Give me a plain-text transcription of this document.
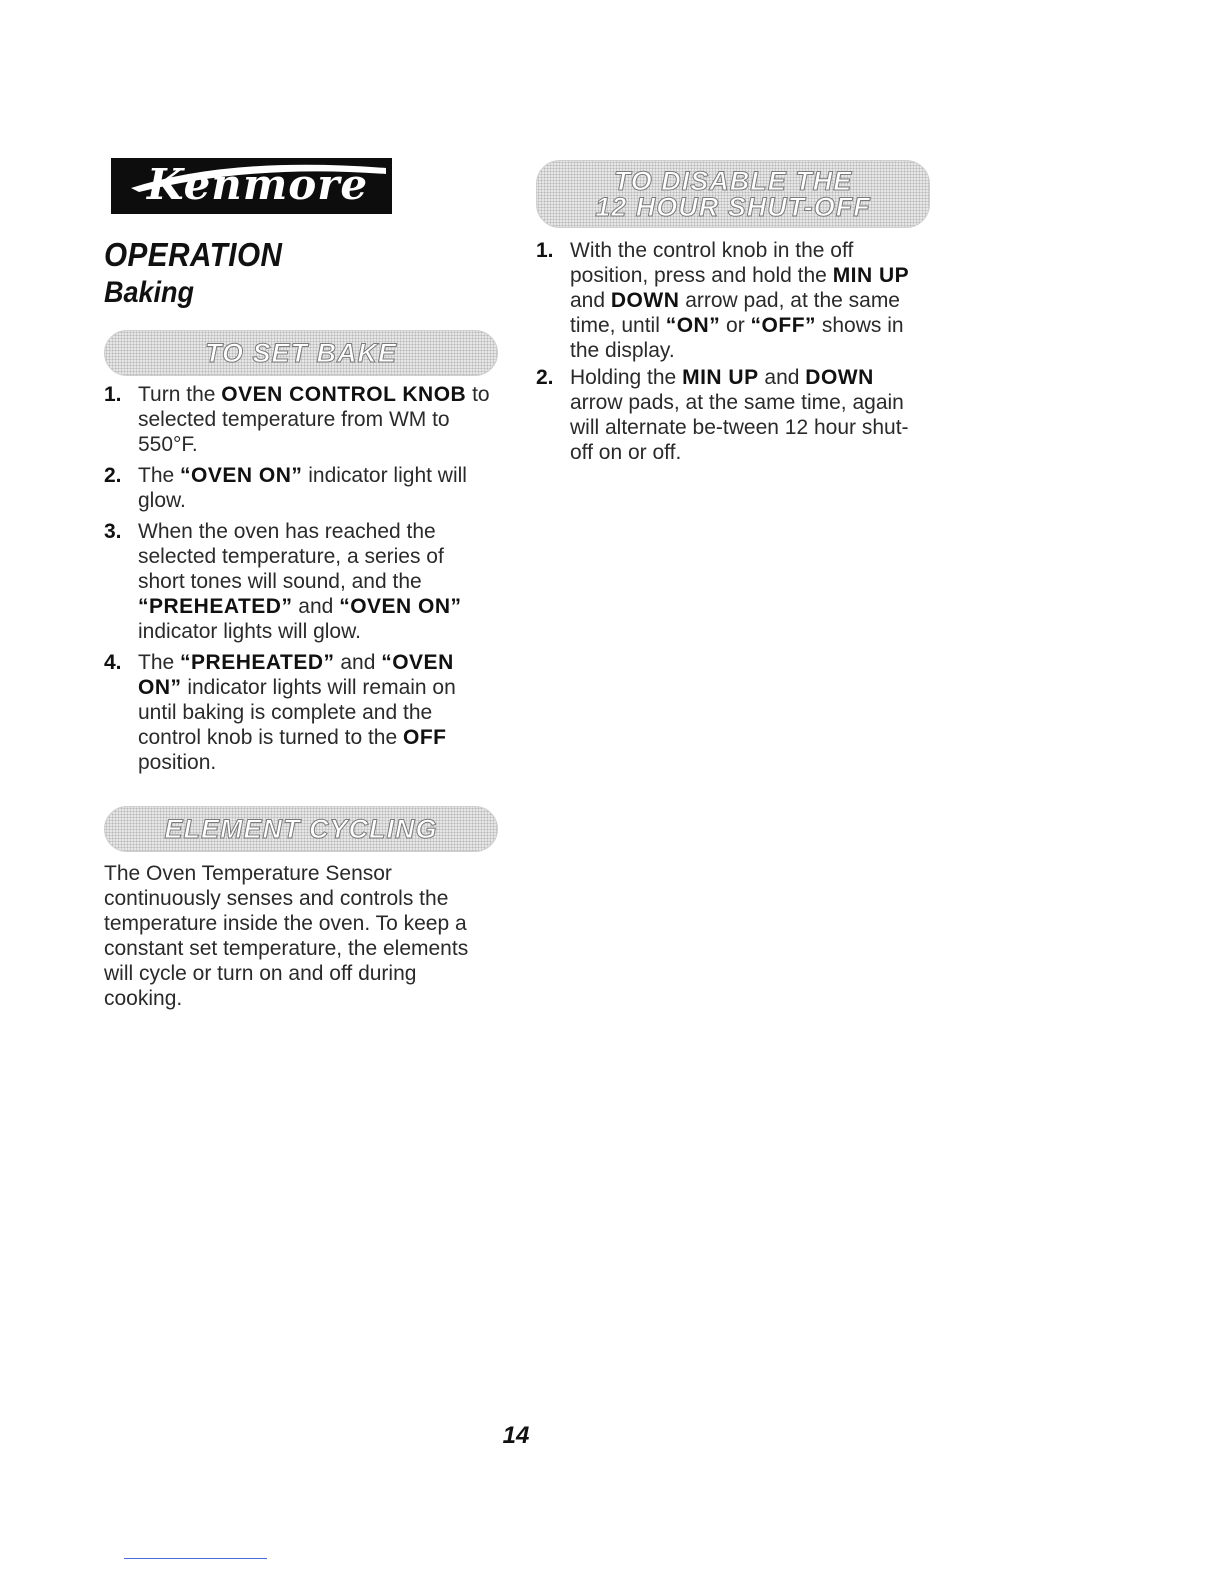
Kenmore
OPERATION
Baking
TO SET BAKE
1. Turn the OVEN CONTROL KNOB to selected temperature from WM to 550°F.
2. The “OVEN ON” indicator light will glow.
3. When the oven has reached the selected temperature, a series of short tones will sound, and the “PREHEATED” and “OVEN ON” indicator lights will glow.
4. The “PREHEATED” and “OVEN ON” indicator lights will remain on until baking is complete and the control knob is turned to the OFF position.
ELEMENT CYCLING

The Oven Temperature Sensor continuously senses and controls the temperature inside the oven. To keep a constant set temperature, the elements will cycle or turn on and off during cooking.

TO DISABLE THE
12 HOUR SHUT-OFF
1. With the control knob in the off position, press and hold the MIN UP and DOWN arrow pad, at the same time, until “ON” or “OFF” shows in the display.
2. Holding the MIN UP and DOWN arrow pads, at the same time, again will alternate be-tween 12 hour shut-off on or off.
14
